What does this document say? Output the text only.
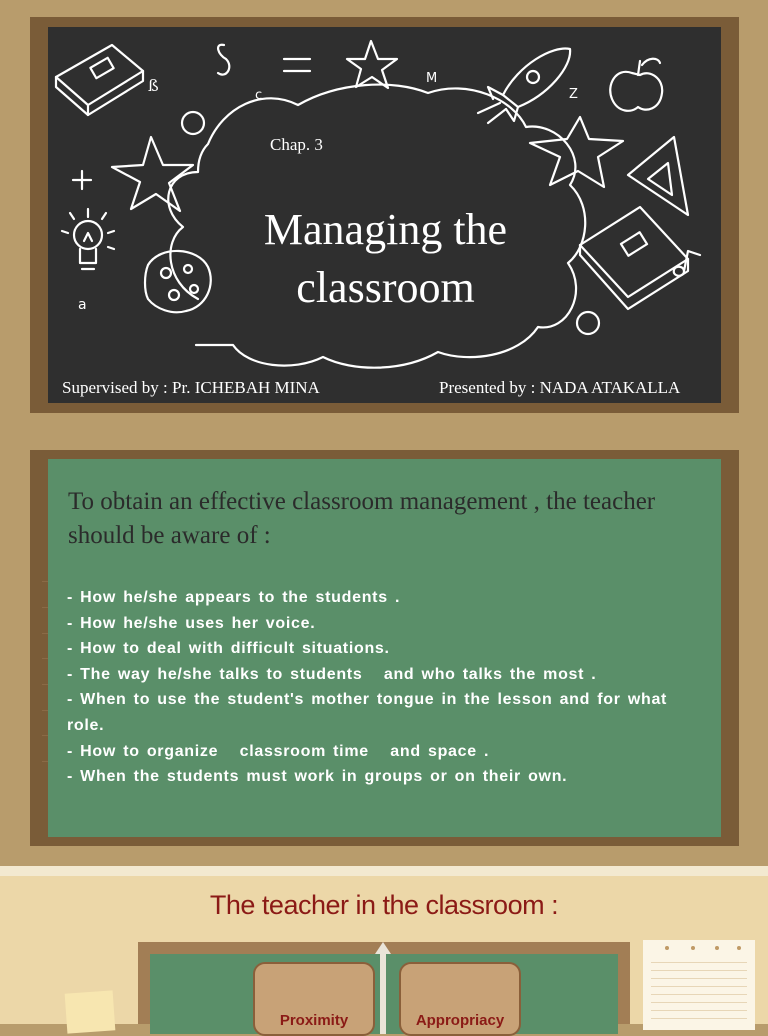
ß
c
M
Z
a
Chap. 3
Managing the classroom
Supervised by : Pr. ICHEBAH MINA	Presented by : NADA ATAKALLA
To obtain an effective classroom management , the teacher should be aware of :
- How he/she appears to the students .
- How he/she uses her voice.
- How to deal with difficult situations.
- The way he/she talks to students   and who talks the most .
- When to use the student's mother tongue in the lesson and for what role.
- How to organize   classroom time   and space .
- When the students must work in groups or on their own.
The teacher in the classroom :
Proximity	Appropriacy
